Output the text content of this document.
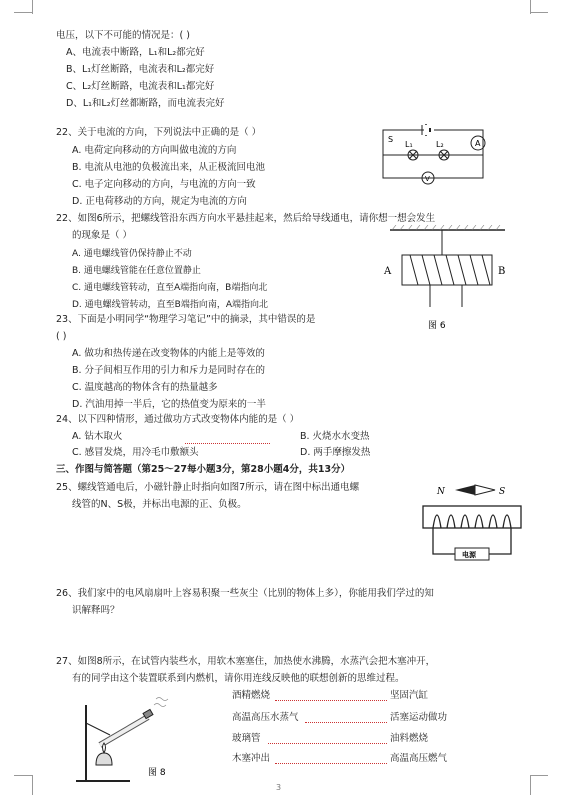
电压，以下不可能的情况是：( )
A、电流表中断路，L₁和L₂都完好
B、L₁灯丝断路，电流表和L₂都完好
C、L₂灯丝断路，电流表和L₁都完好
D、L₁和L₂灯丝都断路，而电流表完好
22、关于电流的方向，下列说法中正确的是（ ）
A. 电荷定向移动的方向叫做电流的方向
B. 电流从电池的负极流出来，从正极流回电池
C. 电子定向移动的方向，与电流的方向一致
D. 正电荷移动的方向，规定为电流的方向
S
L₁	L₂	A
V
22、如图6所示，把螺线管沿东西方向水平悬挂起来，然后给导线通电，请你想一想会发生
的现象是（ ）
A. 通电螺线管仍保持静止不动
B. 通电螺线管能在任意位置静止
C. 通电螺线管转动，直至A端指向南，B端指向北
D. 通电螺线管转动，直至B端指向南，A端指向北
A	B
图 6
23、下面是小明同学“物理学习笔记”中的摘录，其中错误的是
( )
A. 做功和热传递在改变物体的内能上是等效的
B. 分子间相互作用的引力和斥力是同时存在的
C. 温度越高的物体含有的热量越多
D. 汽油用掉一半后，它的热值变为原来的一半
24、以下四种情形，通过做功方式改变物体内能的是（ ）
A. 钻木取火	B. 火烧水水变热
C. 感冒发烧，用冷毛巾敷额头	D. 两手摩擦发热
三、作图与简答题（第25～27每小题3分，第28小题4分，共13分）
25、螺线管通电后，小磁针静止时指向如图7所示，请在图中标出通电螺
线管的N、S极，并标出电源的正、负极。
N	S
电源
26、我们家中的电风扇扇叶上容易积聚一些灰尘（比别的物体上多），你能用我们学过的知
识解释吗？
27、如图8所示，在试管内装些水，用软木塞塞住，加热使水沸腾，水蒸汽会把木塞冲开，
有的同学由这个装置联系到内燃机，请你用连线反映他的联想创新的思维过程。
酒精燃烧	坚固汽缸
高温高压水蒸气	活塞运动做功
玻璃管	油料燃烧
木塞冲出	高温高压燃气
图 8
3
